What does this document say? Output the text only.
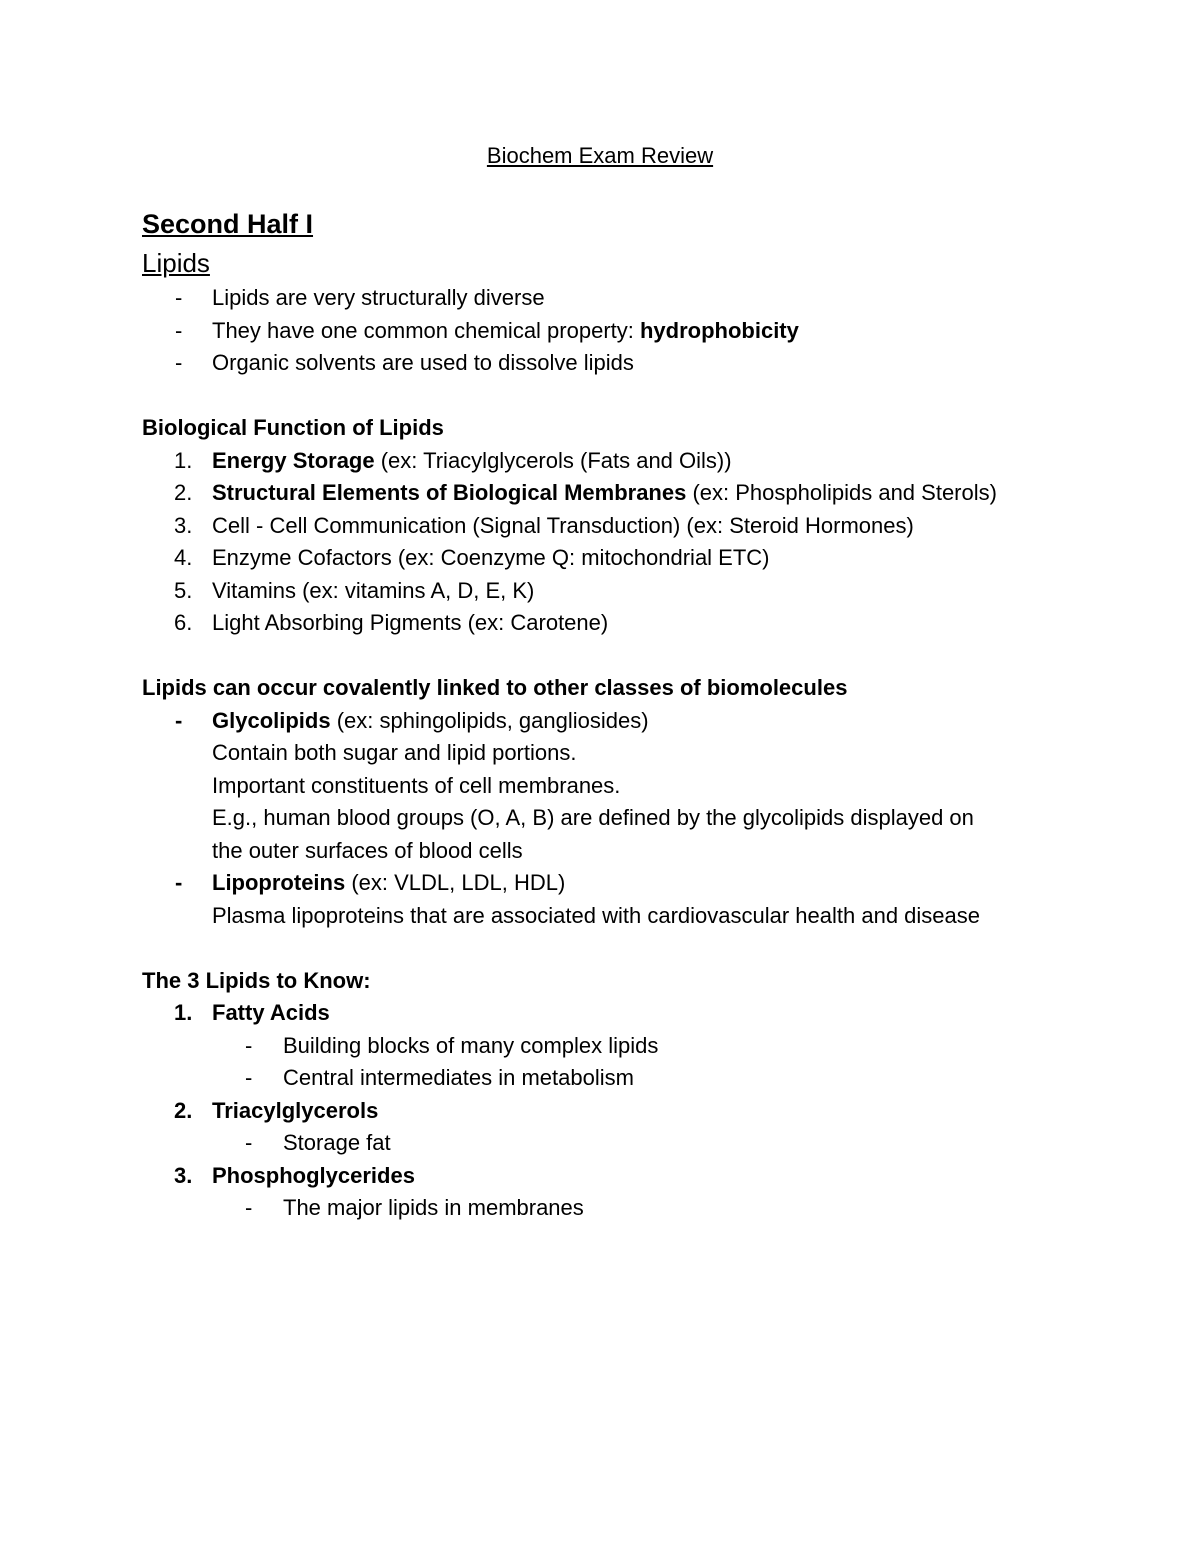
Biochem Exam Review
Second Half I
Lipids
- Lipids are very structurally diverse
- They have one common chemical property: hydrophobicity
- Organic solvents are used to dissolve lipids
Biological Function of Lipids
1. Energy Storage (ex: Triacylglycerols (Fats and Oils))
2. Structural Elements of Biological Membranes (ex: Phospholipids and Sterols)
3. Cell - Cell Communication (Signal Transduction) (ex: Steroid Hormones)
4. Enzyme Cofactors (ex: Coenzyme Q: mitochondrial ETC)
5. Vitamins (ex: vitamins A, D, E, K)
6. Light Absorbing Pigments (ex: Carotene)
Lipids can occur covalently linked to other classes of biomolecules
- Glycolipids (ex: sphingolipids, gangliosides)
Contain both sugar and lipid portions.
Important constituents of cell membranes.
E.g., human blood groups (O, A, B) are defined by the glycolipids displayed on
the outer surfaces of blood cells
- Lipoproteins (ex: VLDL, LDL, HDL)
Plasma lipoproteins that are associated with cardiovascular health and disease
The 3 Lipids to Know:
1. Fatty Acids
- Building blocks of many complex lipids
- Central intermediates in metabolism
2. Triacylglycerols
- Storage fat
3. Phosphoglycerides
- The major lipids in membranes
